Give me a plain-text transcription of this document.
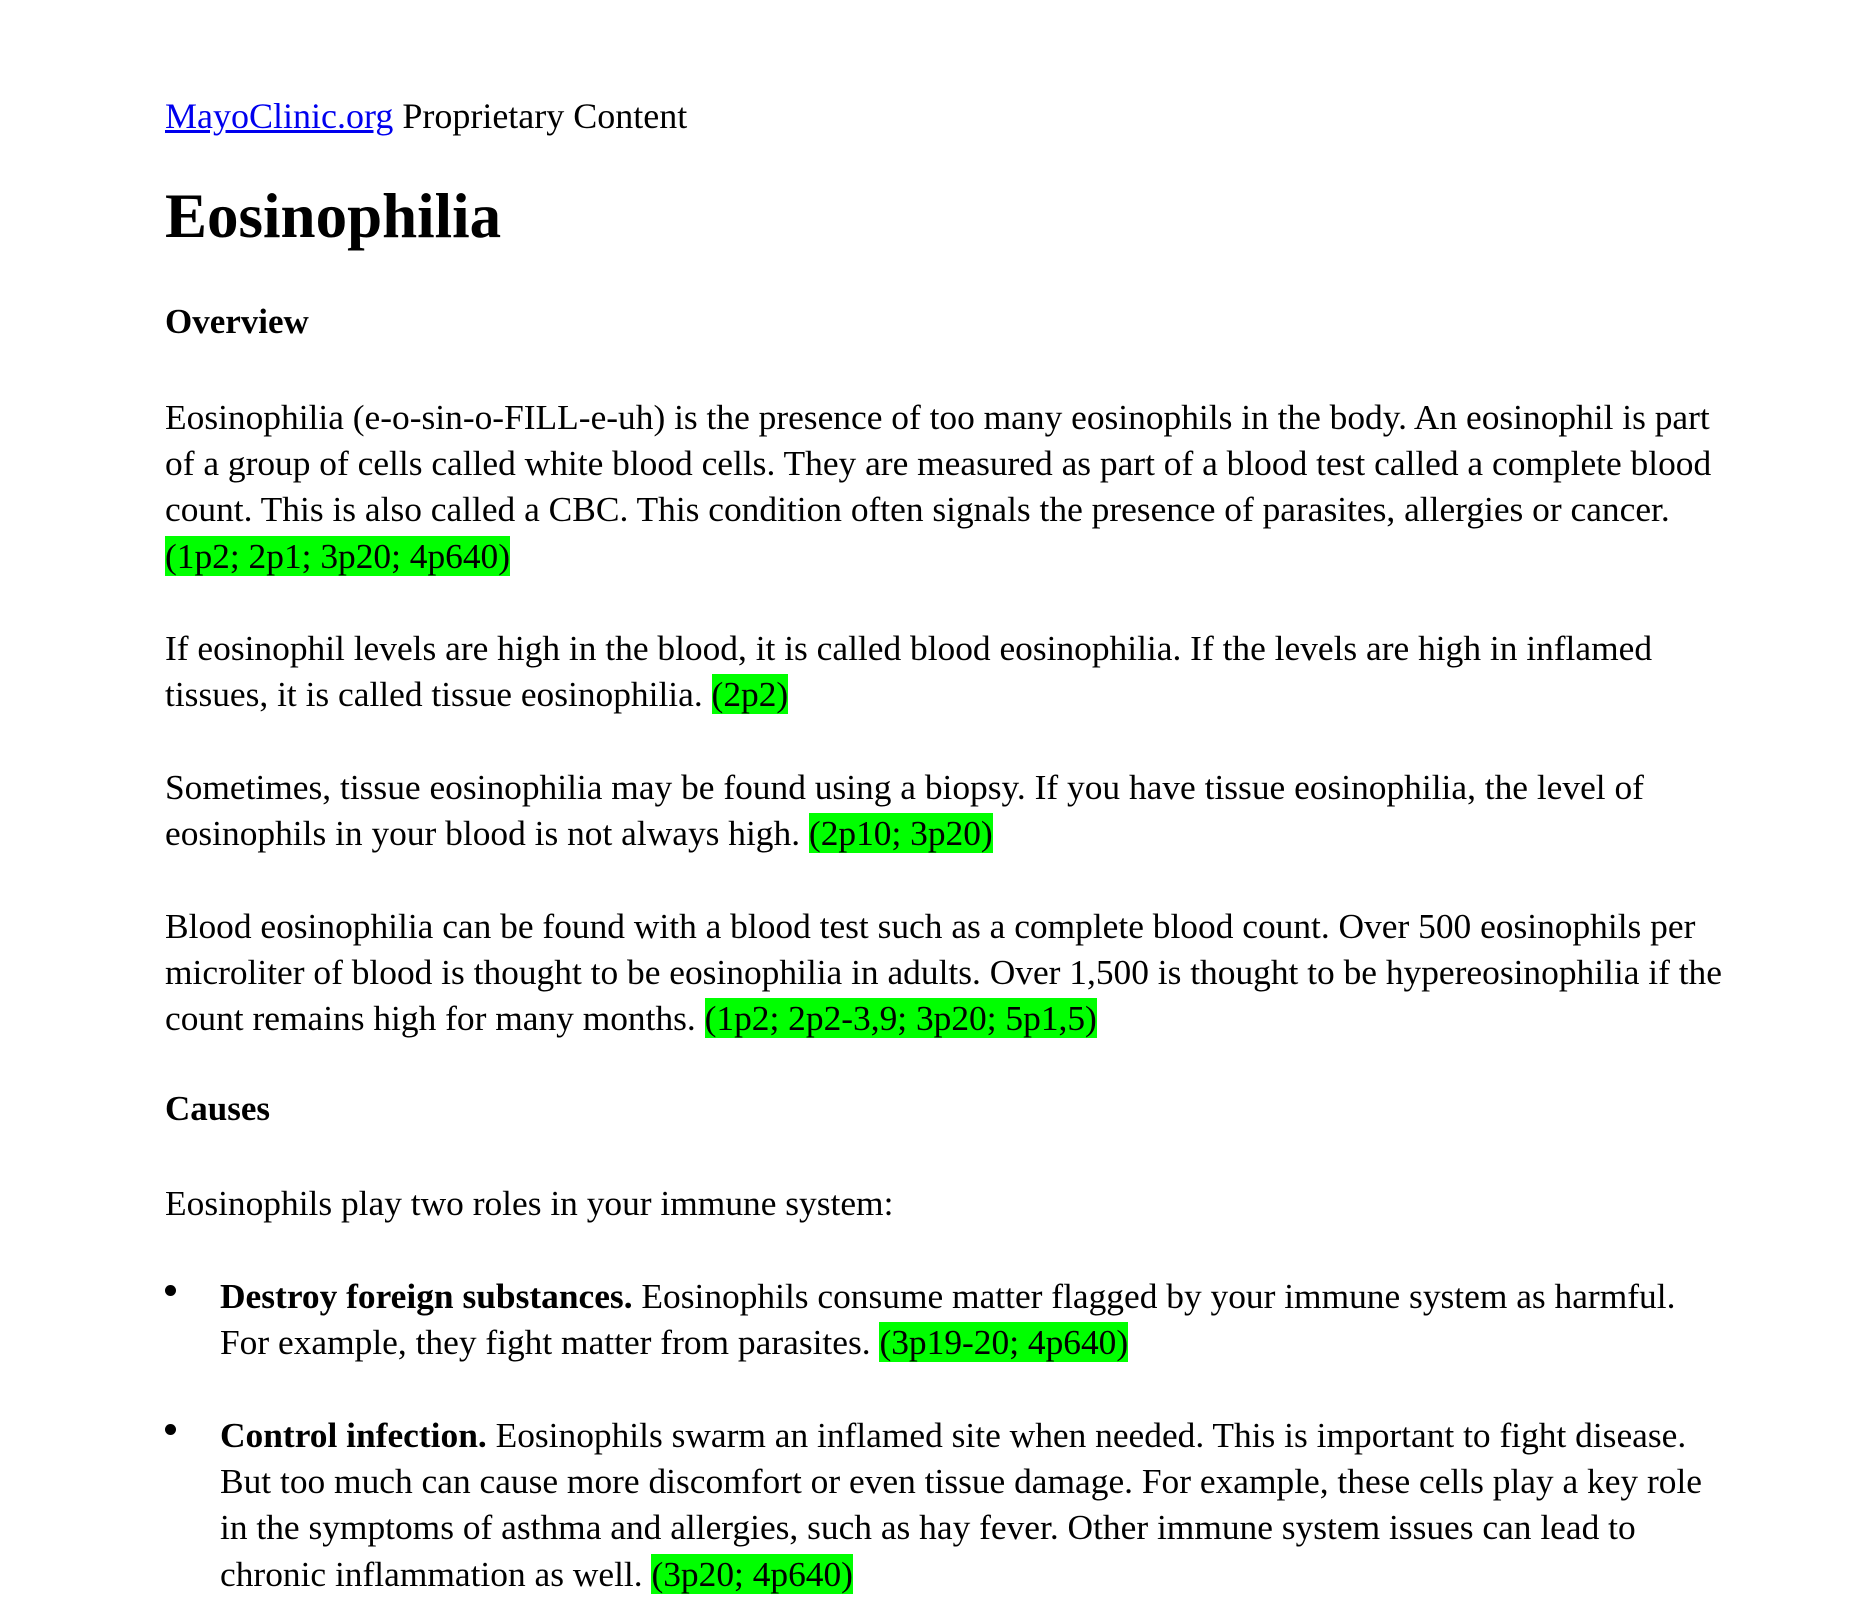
MayoClinic.org Proprietary Content
Eosinophilia
Overview

Eosinophilia (e-o-sin-o-FILL-e-uh) is the presence of too many eosinophils in the body. An eosinophil is part of a group of cells called white blood cells. They are measured as part of a blood test called a complete blood count. This is also called a CBC. This condition often signals the presence of parasites, allergies or cancer. (1p2; 2p1; 3p20; 4p640)

If eosinophil levels are high in the blood, it is called blood eosinophilia. If the levels are high in inflamed tissues, it is called tissue eosinophilia. (2p2)

Sometimes, tissue eosinophilia may be found using a biopsy. If you have tissue eosinophilia, the level of eosinophils in your blood is not always high. (2p10; 3p20)

Blood eosinophilia can be found with a blood test such as a complete blood count. Over 500 eosinophils per microliter of blood is thought to be eosinophilia in adults. Over 1,500 is thought to be hypereosinophilia if the count remains high for many months. (1p2; 2p2-3,9; 3p20; 5p1,5)

Causes

Eosinophils play two roles in your immune system:

Destroy foreign substances. Eosinophils consume matter flagged by your immune system as harmful. For example, they fight matter from parasites. (3p19-20; 4p640)

Control infection. Eosinophils swarm an inflamed site when needed. This is important to fight disease. But too much can cause more discomfort or even tissue damage. For example, these cells play a key role in the symptoms of asthma and allergies, such as hay fever. Other immune system issues can lead to chronic inflammation as well. (3p20; 4p640)
